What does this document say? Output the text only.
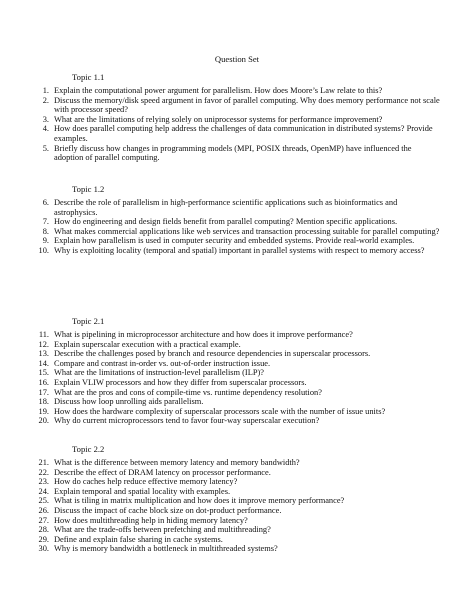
Question Set
Topic 1.1
1. Explain the computational power argument for parallelism. How does Moore’s Law relate to this?
2. Discuss the memory/disk speed argument in favor of parallel computing. Why does memory performance not scale with processor speed?
3. What are the limitations of relying solely on uniprocessor systems for performance improvement?
4. How does parallel computing help address the challenges of data communication in distributed systems? Provide examples.
5. Briefly discuss how changes in programming models (MPI, POSIX threads, OpenMP) have influenced the adoption of parallel computing.
Topic 1.2
6. Describe the role of parallelism in high-performance scientific applications such as bioinformatics and astrophysics.
7. How do engineering and design fields benefit from parallel computing? Mention specific applications.
8. What makes commercial applications like web services and transaction processing suitable for parallel computing?
9. Explain how parallelism is used in computer security and embedded systems. Provide real-world examples.
10. Why is exploiting locality (temporal and spatial) important in parallel systems with respect to memory access?
Topic 2.1
11. What is pipelining in microprocessor architecture and how does it improve performance?
12. Explain superscalar execution with a practical example.
13. Describe the challenges posed by branch and resource dependencies in superscalar processors.
14. Compare and contrast in-order vs. out-of-order instruction issue.
15. What are the limitations of instruction-level parallelism (ILP)?
16. Explain VLIW processors and how they differ from superscalar processors.
17. What are the pros and cons of compile-time vs. runtime dependency resolution?
18. Discuss how loop unrolling aids parallelism.
19. How does the hardware complexity of superscalar processors scale with the number of issue units?
20. Why do current microprocessors tend to favor four-way superscalar execution?
Topic 2.2
21. What is the difference between memory latency and memory bandwidth?
22. Describe the effect of DRAM latency on processor performance.
23. How do caches help reduce effective memory latency?
24. Explain temporal and spatial locality with examples.
25. What is tiling in matrix multiplication and how does it improve memory performance?
26. Discuss the impact of cache block size on dot-product performance.
27. How does multithreading help in hiding memory latency?
28. What are the trade-offs between prefetching and multithreading?
29. Define and explain false sharing in cache systems.
30. Why is memory bandwidth a bottleneck in multithreaded systems?
